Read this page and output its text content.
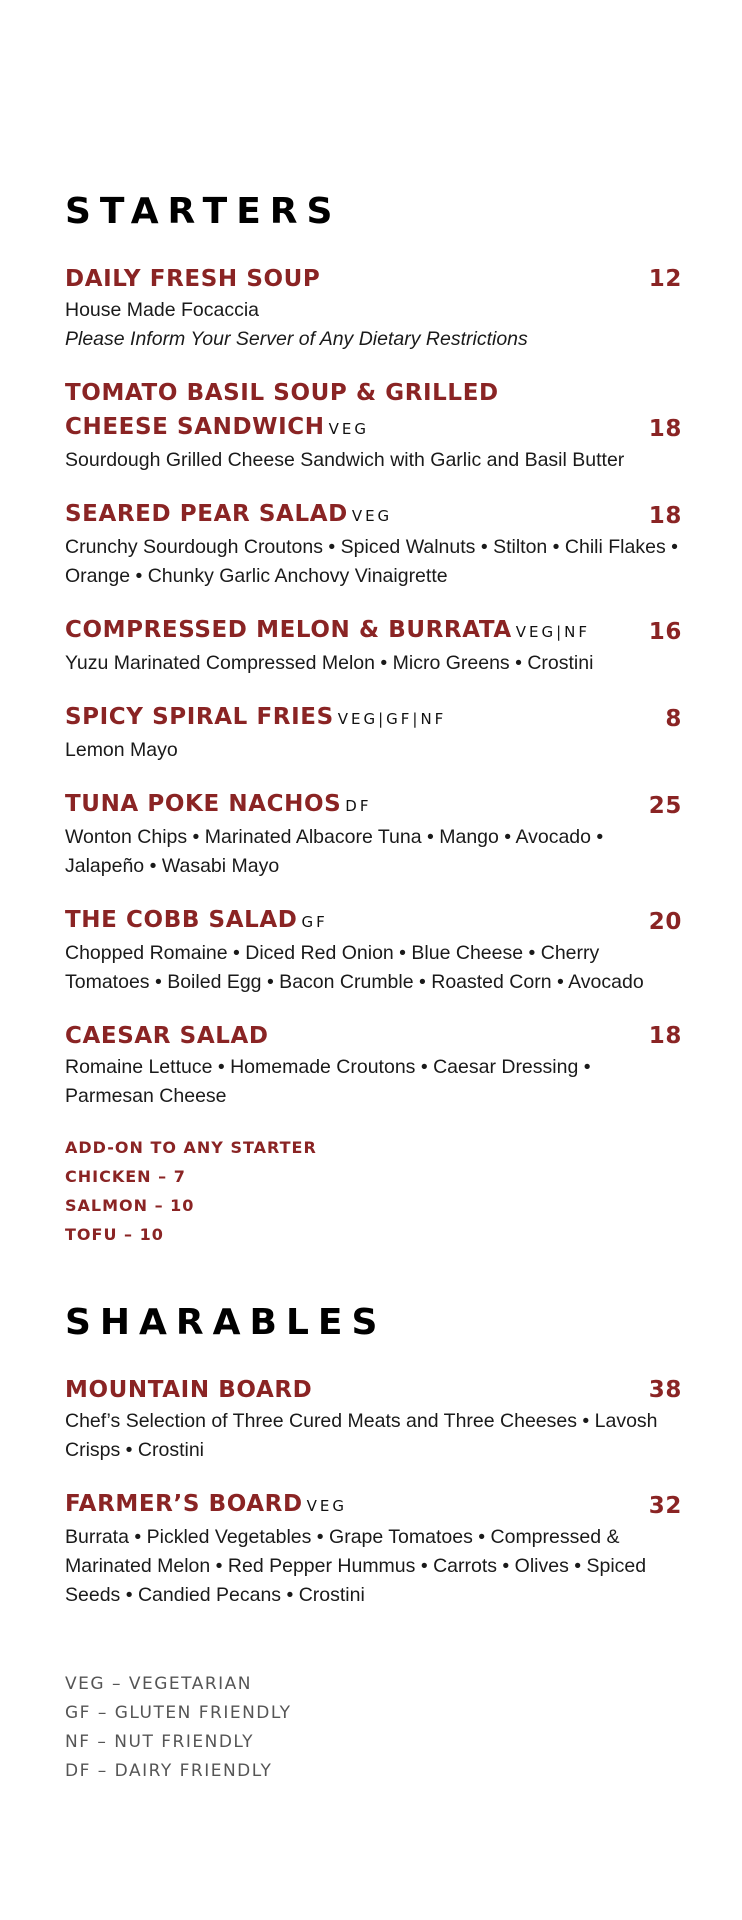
STARTERS
DAILY FRESH SOUP	12
House Made Focaccia
Please Inform Your Server of Any Dietary Restrictions
TOMATO BASIL SOUP & GRILLED
CHEESE SANDWICH VEG	18
Sourdough Grilled Cheese Sandwich with Garlic and Basil Butter
SEARED PEAR SALAD VEG	18
Crunchy Sourdough Croutons • Spiced Walnuts • Stilton • Chili Flakes • Orange • Chunky Garlic Anchovy Vinaigrette
COMPRESSED MELON & BURRATA VEG|NF	16
Yuzu Marinated Compressed Melon • Micro Greens • Crostini
SPICY SPIRAL FRIES VEG|GF|NF	8
Lemon Mayo
TUNA POKE NACHOS DF	25
Wonton Chips • Marinated Albacore Tuna • Mango • Avocado • Jalapeño • Wasabi Mayo
THE COBB SALAD GF	20
Chopped Romaine • Diced Red Onion • Blue Cheese • Cherry Tomatoes • Boiled Egg • Bacon Crumble • Roasted Corn • Avocado
CAESAR SALAD	18
Romaine Lettuce • Homemade Croutons • Caesar Dressing • Parmesan Cheese
ADD-ON TO ANY STARTER
CHICKEN – 7
SALMON – 10
TOFU – 10
SHARABLES
MOUNTAIN BOARD	38
Chef’s Selection of Three Cured Meats and Three Cheeses • Lavosh Crisps • Crostini
FARMER’S BOARD VEG	32
Burrata • Pickled Vegetables • Grape Tomatoes • Compressed & Marinated Melon • Red Pepper Hummus • Carrots • Olives • Spiced Seeds • Candied Pecans • Crostini
VEG – VEGETARIAN
GF – GLUTEN FRIENDLY
NF – NUT FRIENDLY
DF – DAIRY FRIENDLY
